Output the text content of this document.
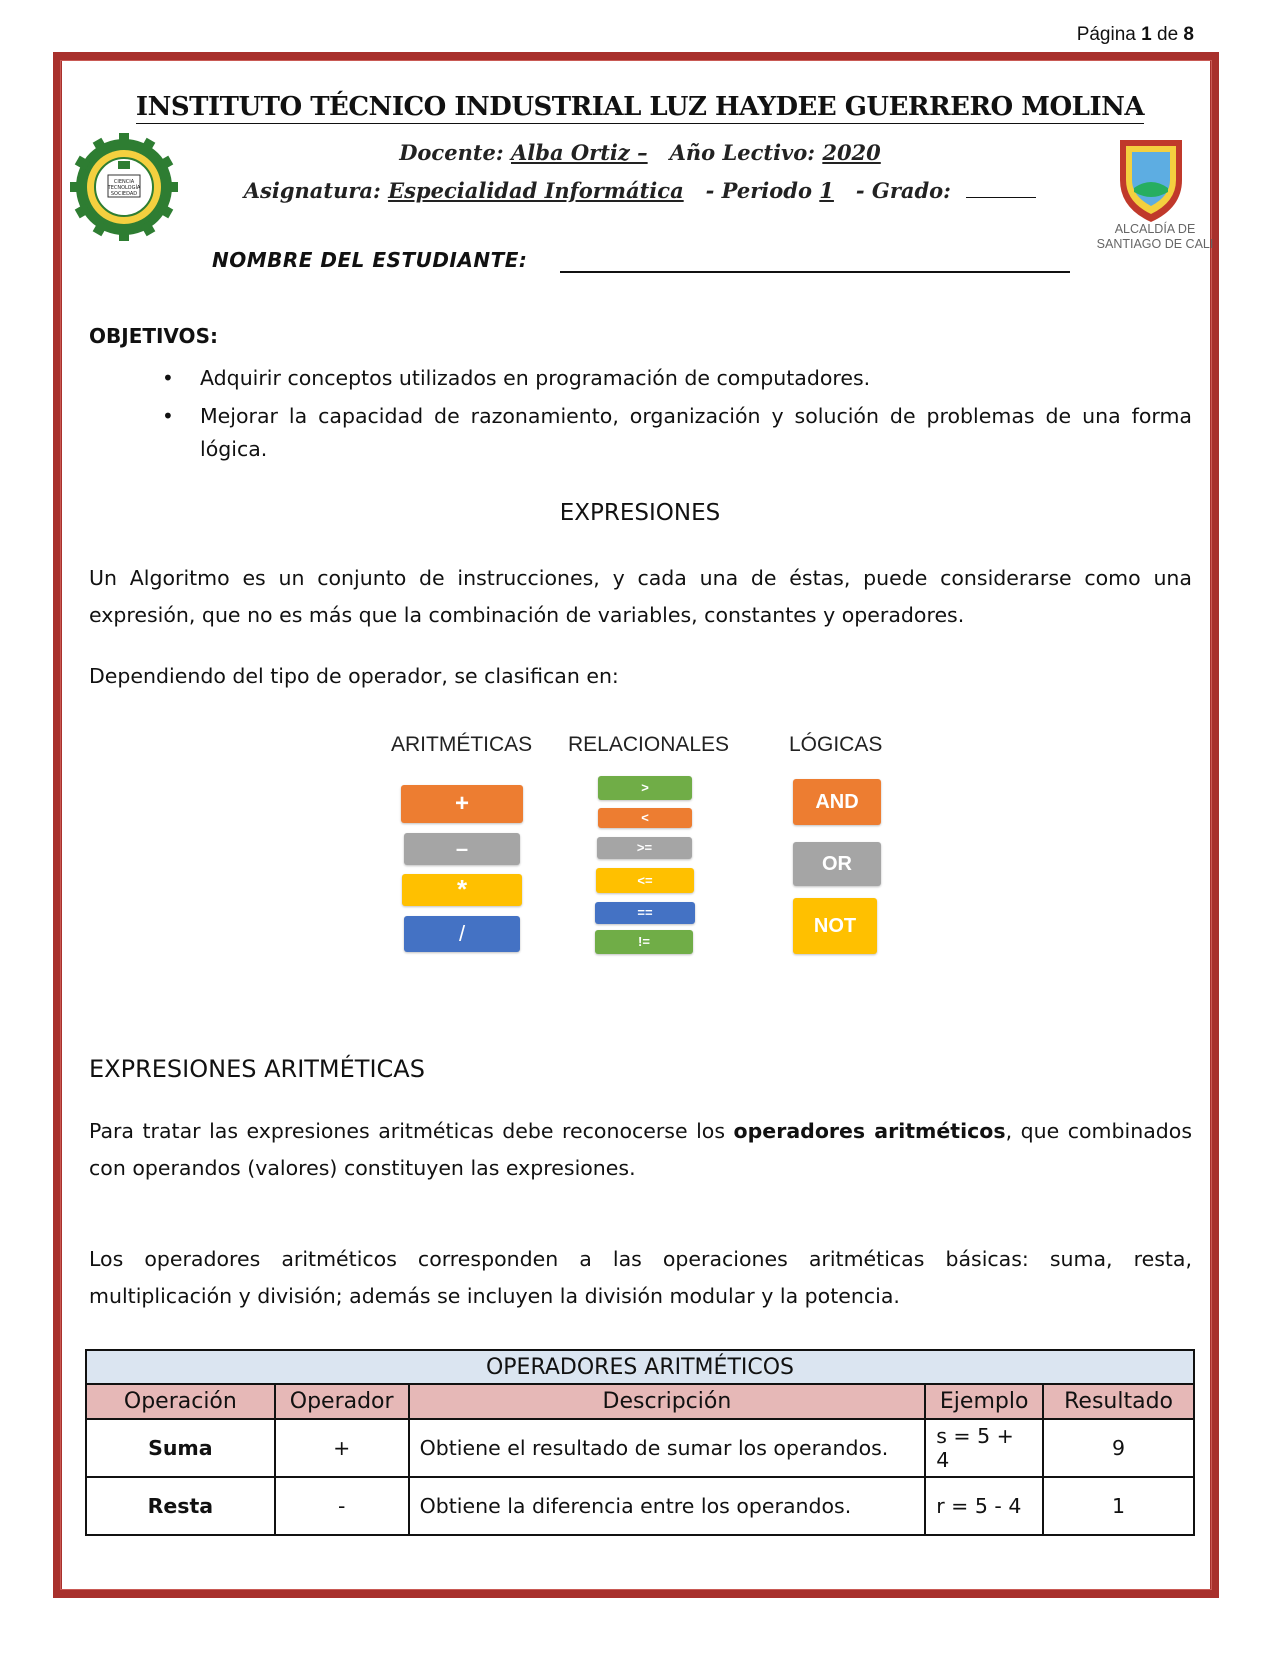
Página 1 de 8
INSTITUTO TÉCNICO INDUSTRIAL LUZ HAYDEE GUERRERO MOLINA
Docente: Alba Ortiz – Año Lectivo: 2020
Asignatura: Especialidad Informática - Periodo 1 - Grado:
CIENCIA
TECNOLOGÍA
SOCIEDAD
ALCALDÍA DE
SANTIAGO DE CALI
NOMBRE DEL ESTUDIANTE:
OBJETIVOS:
• Adquirir conceptos utilizados en programación de computadores.
• Mejorar la capacidad de razonamiento, organización y solución de problemas de una forma lógica.
EXPRESIONES
Un Algoritmo es un conjunto de instrucciones, y cada una de éstas, puede considerarse como una expresión, que no es más que la combinación de variables, constantes y operadores.
Dependiendo del tipo de operador, se clasifican en:
ARITMÉTICAS RELACIONALES	LÓGICAS
+
–
*
/
>
<
>=
<=
==
!=
AND
OR
NOT
EXPRESIONES ARITMÉTICAS
Para tratar las expresiones aritméticas debe reconocerse los operadores aritméticos, que combinados con operandos (valores) constituyen las expresiones.
Los operadores aritméticos corresponden a las operaciones aritméticas básicas: suma, resta, multiplicación y división; además se incluyen la división modular y la potencia.
OPERADORES ARITMÉTICOS				
Operación	Operador	Descripción	Ejemplo	Resultado
Suma	+	Obtiene el resultado de sumar los operandos.	s = 5 + 4	9
Resta	-	Obtiene la diferencia entre los operandos.	r = 5 - 4	1
